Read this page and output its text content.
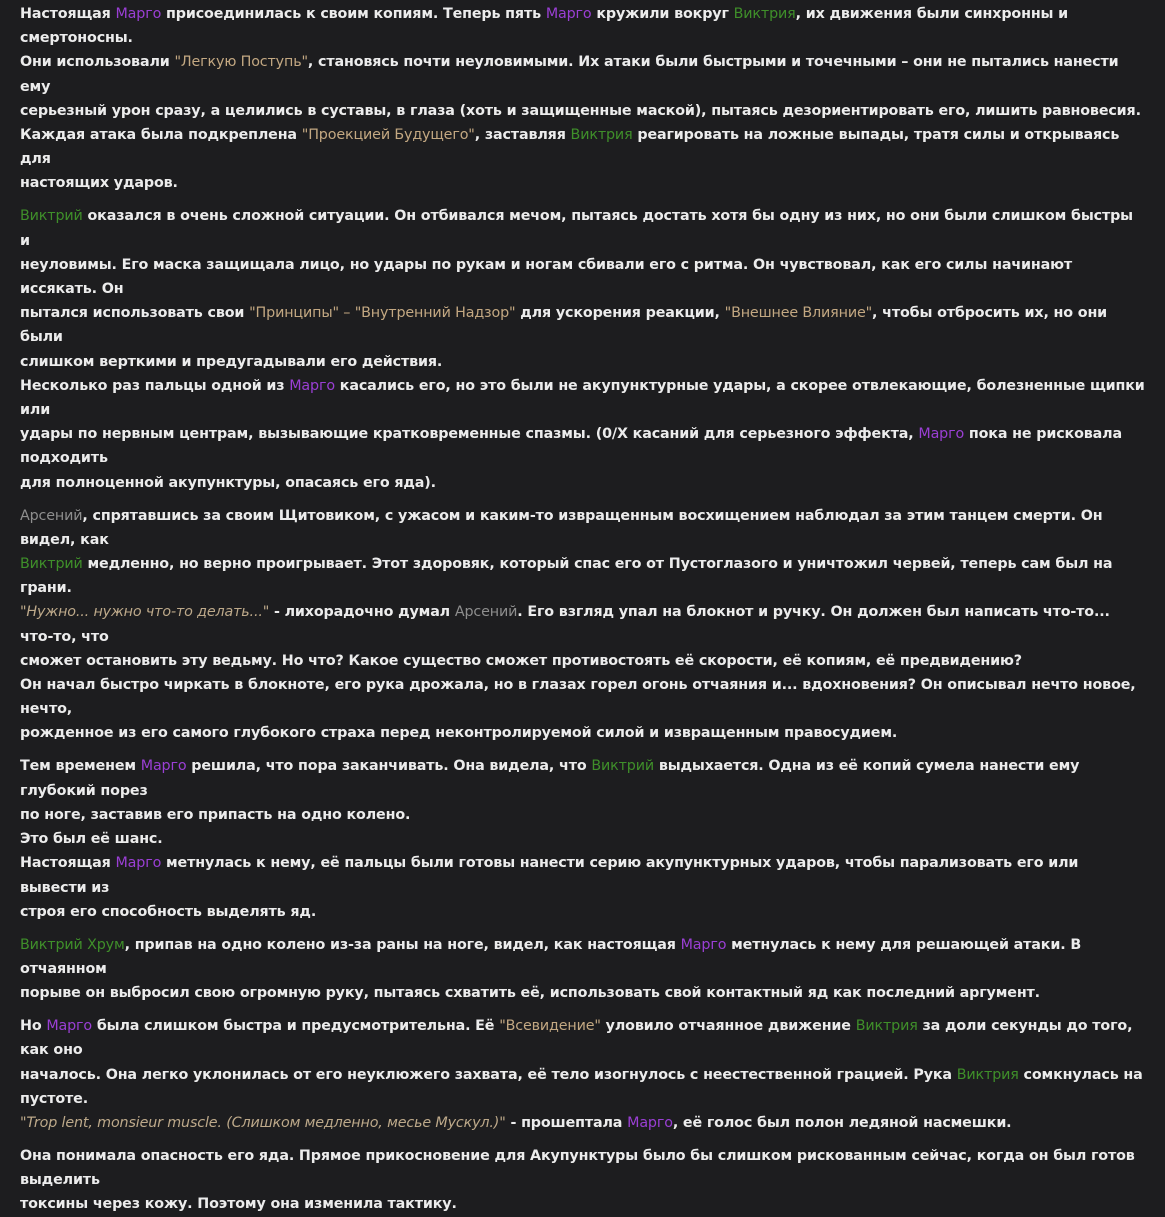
Настоящая Марго присоединилась к своим копиям. Теперь пять Марго кружили вокруг Виктрия, их движения были синхронны и смертоносны.
Они использовали "Легкую Поступь", становясь почти неуловимыми. Их атаки были быстрыми и точечными – они не пытались нанести ему
серьезный урон сразу, а целились в суставы, в глаза (хоть и защищенные маской), пытаясь дезориентировать его, лишить равновесия.
Каждая атака была подкреплена "Проекцией Будущего", заставляя Виктрия реагировать на ложные выпады, тратя силы и открываясь для
настоящих ударов.
Виктрий оказался в очень сложной ситуации. Он отбивался мечом, пытаясь достать хотя бы одну из них, но они были слишком быстры и
неуловимы. Его маска защищала лицо, но удары по рукам и ногам сбивали его с ритма. Он чувствовал, как его силы начинают иссякать. Он
пытался использовать свои "Принципы" – "Внутренний Надзор" для ускорения реакции, "Внешнее Влияние", чтобы отбросить их, но они были
слишком верткими и предугадывали его действия.
Несколько раз пальцы одной из Марго касались его, но это были не акупунктурные удары, а скорее отвлекающие, болезненные щипки или
удары по нервным центрам, вызывающие кратковременные спазмы. (0/X касаний для серьезного эффекта, Марго пока не рисковала подходить
для полноценной акупунктуры, опасаясь его яда).
Арсений, спрятавшись за своим Щитовиком, с ужасом и каким-то извращенным восхищением наблюдал за этим танцем смерти. Он видел, как
Виктрий медленно, но верно проигрывает. Этот здоровяк, который спас его от Пустоглазого и уничтожил червей, теперь сам был на грани.
"Нужно... нужно что-то делать..." - лихорадочно думал Арсений. Его взгляд упал на блокнот и ручку. Он должен был написать что-то... что-то, что
сможет остановить эту ведьму. Но что? Какое существо сможет противостоять её скорости, её копиям, её предвидению?
Он начал быстро чиркать в блокноте, его рука дрожала, но в глазах горел огонь отчаяния и... вдохновения? Он описывал нечто новое, нечто,
рожденное из его самого глубокого страха перед неконтролируемой силой и извращенным правосудием.
Тем временем Марго решила, что пора заканчивать. Она видела, что Виктрий выдыхается. Одна из её копий сумела нанести ему глубокий порез
по ноге, заставив его припасть на одно колено.
Это был её шанс.
Настоящая Марго метнулась к нему, её пальцы были готовы нанести серию акупунктурных ударов, чтобы парализовать его или вывести из
строя его способность выделять яд.
Виктрий Хрум, припав на одно колено из-за раны на ноге, видел, как настоящая Марго метнулась к нему для решающей атаки. В отчаянном
порыве он выбросил свою огромную руку, пытаясь схватить её, использовать свой контактный яд как последний аргумент.
Но Марго была слишком быстра и предусмотрительна. Её "Всевидение" уловило отчаянное движение Виктрия за доли секунды до того, как оно
началось. Она легко уклонилась от его неуклюжего захвата, её тело изогнулось с неестественной грацией. Рука Виктрия сомкнулась на пустоте.
"Trop lent, monsieur muscle. (Слишком медленно, месье Мускул.)" - прошептала Марго, её голос был полон ледяной насмешки.
Она понимала опасность его яда. Прямое прикосновение для Акупунктуры было бы слишком рискованным сейчас, когда он был готов выделить
токсины через кожу. Поэтому она изменила тактику.
